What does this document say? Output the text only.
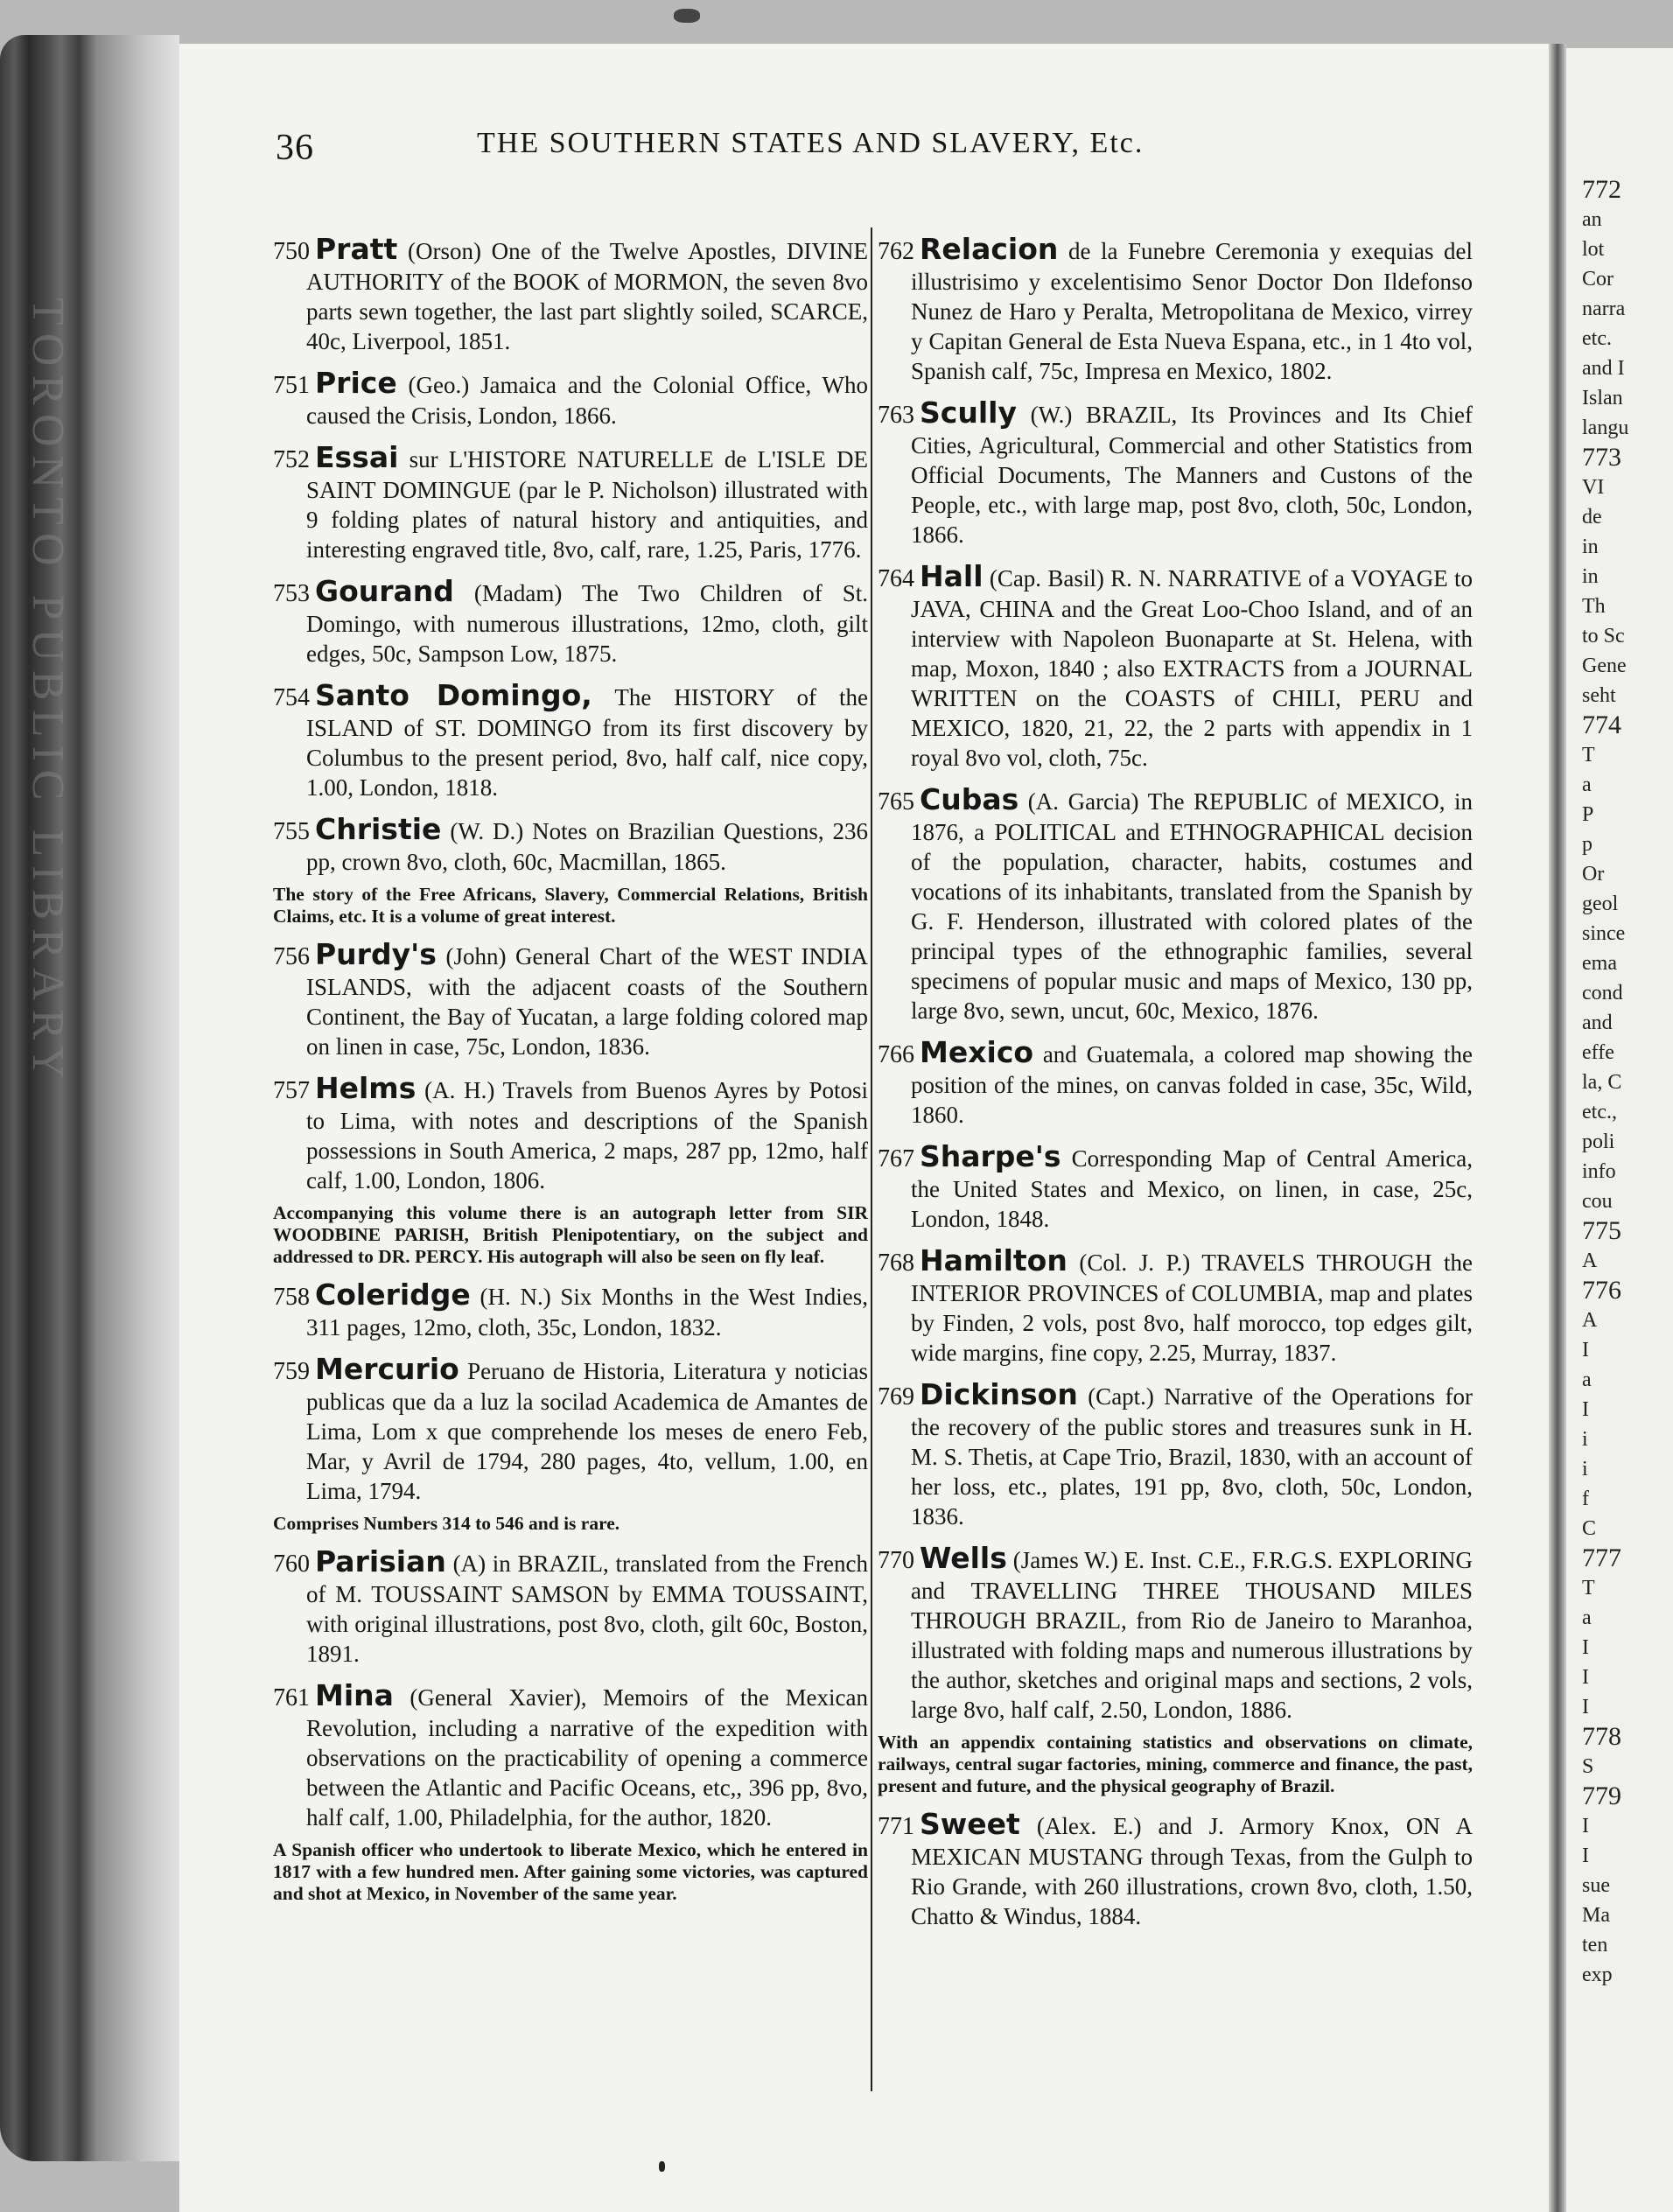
TORONTO PUBLIC LIBRARY
36	THE SOUTHERN STATES AND SLAVERY, Etc.

750 Pratt (Orson) One of the Twelve Apostles, DIVINE AUTHORITY of the BOOK of MORMON, the seven 8vo parts sewn together, the last part slightly soiled, SCARCE, 40c, Liverpool, 1851.

751 Price (Geo.) Jamaica and the Colonial Office, Who caused the Crisis, London, 1866.

752 Essai sur L'HISTORE NATURELLE de L'ISLE DE SAINT DOMINGUE (par le P. Nicholson) illustrated with 9 folding plates of natural history and antiquities, and interesting engraved title, 8vo, calf, rare, 1.25, Paris, 1776.

753 Gourand (Madam) The Two Children of St. Domingo, with numerous illustrations, 12mo, cloth, gilt edges, 50c, Sampson Low, 1875.

754 Santo Domingo, The HISTORY of the ISLAND of ST. DOMINGO from its first discovery by Columbus to the present period, 8vo, half calf, nice copy, 1.00, London, 1818.

755 Christie (W. D.) Notes on Brazilian Questions, 236 pp, crown 8vo, cloth, 60c, Macmillan, 1865.

The story of the Free Africans, Slavery, Commercial Relations, British Claims, etc. It is a volume of great interest.

756 Purdy's (John) General Chart of the WEST INDIA ISLANDS, with the adjacent coasts of the Southern Continent, the Bay of Yucatan, a large folding colored map on linen in case, 75c, London, 1836.

757 Helms (A. H.) Travels from Buenos Ayres by Potosi to Lima, with notes and descriptions of the Spanish possessions in South America, 2 maps, 287 pp, 12mo, half calf, 1.00, London, 1806.

Accompanying this volume there is an autograph letter from SIR WOODBINE PARISH, British Plenipotentiary, on the subject and addressed to DR. PERCY. His autograph will also be seen on fly leaf.

758 Coleridge (H. N.) Six Months in the West Indies, 311 pages, 12mo, cloth, 35c, London, 1832.

759 Mercurio Peruano de Historia, Literatura y noticias publicas que da a luz la socilad Academica de Amantes de Lima, Lom x que comprehende los meses de enero Feb, Mar, y Avril de 1794, 280 pages, 4to, vellum, 1.00, en Lima, 1794.

Comprises Numbers 314 to 546 and is rare.

760 Parisian (A) in BRAZIL, translated from the French of M. TOUSSAINT SAMSON by EMMA TOUSSAINT, with original illustrations, post 8vo, cloth, gilt 60c, Boston, 1891.

761 Mina (General Xavier), Memoirs of the Mexican Revolution, including a narrative of the expedition with observations on the practicability of opening a commerce between the Atlantic and Pacific Oceans, etc,, 396 pp, 8vo, half calf, 1.00, Philadelphia, for the author, 1820.

A Spanish officer who undertook to liberate Mexico, which he entered in 1817 with a few hundred men. After gaining some victories, was captured and shot at Mexico, in November of the same year.

762 Relacion de la Funebre Ceremonia y exequias del illustrisimo y excelentisimo Senor Doctor Don Ildefonso Nunez de Haro y Peralta, Metropolitana de Mexico, virrey y Capitan General de Esta Nueva Espana, etc., in 1 4to vol, Spanish calf, 75c, Impresa en Mexico, 1802.

763 Scully (W.) BRAZIL, Its Provinces and Its Chief Cities, Agricultural, Commercial and other Statistics from Official Documents, The Manners and Custons of the People, etc., with large map, post 8vo, cloth, 50c, London, 1866.

764 Hall (Cap. Basil) R. N. NARRATIVE of a VOYAGE to JAVA, CHINA and the Great Loo-Choo Island, and of an interview with Napoleon Buonaparte at St. Helena, with map, Moxon, 1840 ; also EXTRACTS from a JOURNAL WRITTEN on the COASTS of CHILI, PERU and MEXICO, 1820, 21, 22, the 2 parts with appendix in 1 royal 8vo vol, cloth, 75c.

765 Cubas (A. Garcia) The REPUBLIC of MEXICO, in 1876, a POLITICAL and ETHNOGRAPHICAL decision of the population, character, habits, costumes and vocations of its inhabitants, translated from the Spanish by G. F. Henderson, illustrated with colored plates of the principal types of the ethnographic families, several specimens of popular music and maps of Mexico, 130 pp, large 8vo, sewn, uncut, 60c, Mexico, 1876.

766 Mexico and Guatemala, a colored map showing the position of the mines, on canvas folded in case, 35c, Wild, 1860.

767 Sharpe's Corresponding Map of Central America, the United States and Mexico, on linen, in case, 25c, London, 1848.

768 Hamilton (Col. J. P.) TRAVELS THROUGH the INTERIOR PROVINCES of COLUMBIA, map and plates by Finden, 2 vols, post 8vo, half morocco, top edges gilt, wide margins, fine copy, 2.25, Murray, 1837.

769 Dickinson (Capt.) Narrative of the Operations for the recovery of the public stores and treasures sunk in H. M. S. Thetis, at Cape Trio, Brazil, 1830, with an account of her loss, etc., plates, 191 pp, 8vo, cloth, 50c, London, 1836.

770 Wells (James W.) E. Inst. C.E., F.R.G.S. EXPLORING and TRAVELLING THREE THOUSAND MILES THROUGH BRAZIL, from Rio de Janeiro to Maranhoa, illustrated with folding maps and numerous illustrations by the author, sketches and original maps and sections, 2 vols, large 8vo, half calf, 2.50, London, 1886.

With an appendix containing statistics and observations on climate, railways, central sugar factories, mining, commerce and finance, the past, present and future, and the physical geography of Brazil.

771 Sweet (Alex. E.) and J. Armory Knox, ON A MEXICAN MUSTANG through Texas, from the Gulph to Rio Grande, with 260 illustrations, crown 8vo, cloth, 1.50, Chatto & Windus, 1884.

772
an
lot
Cor
narra
etc.
and I
Islan
langu
773
VI
de
in
in
Th
to Sc
Gene
seht
774
T
a
P
p
Or
geol
since
ema
cond
and
effe
la, C
etc.,
poli
info
cou
775
A
776
A
I
a
I
i
i
f
C
777
T
a
I
I
I
778
S
779
I
I
sue
Ma
ten
exp
